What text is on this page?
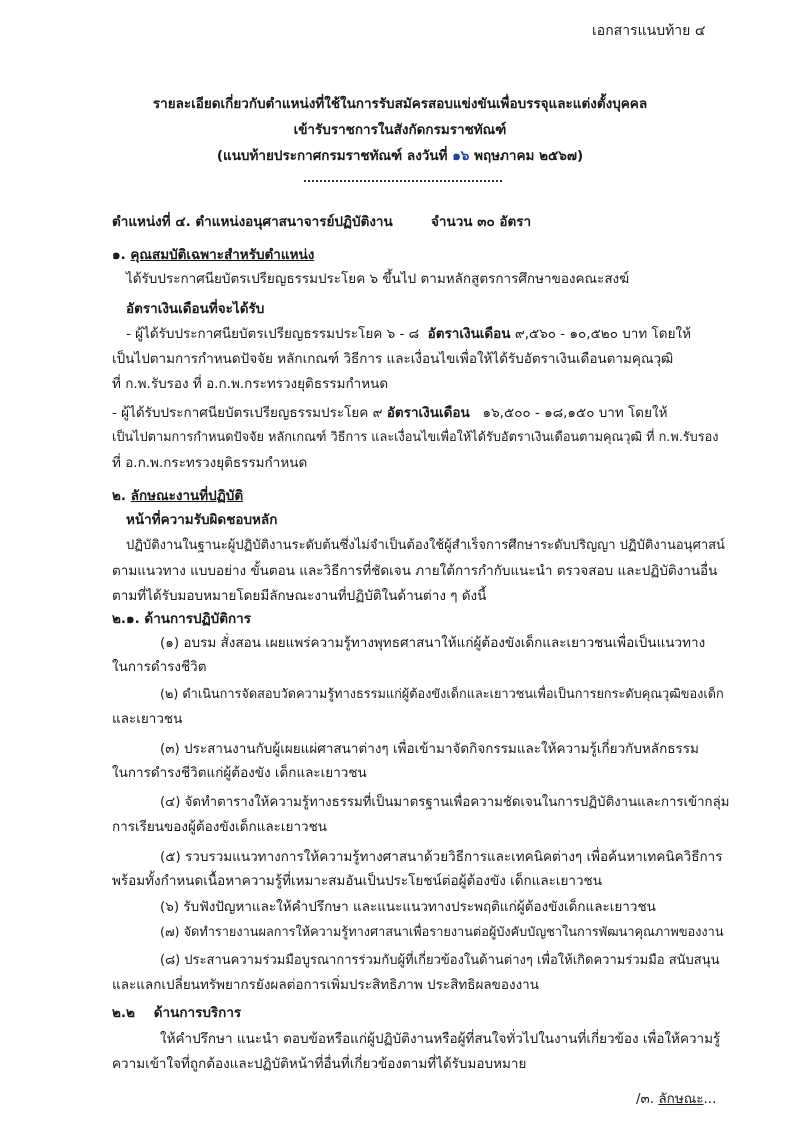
เอกสารแนบท้าย ๔
รายละเอียดเกี่ยวกับตำแหน่งที่ใช้ในการรับสมัครสอบแข่งขันเพื่อบรรจุและแต่งตั้งบุคคล
เข้ารับราชการในสังกัดกรมราชทัณฑ์
(แนบท้ายประกาศกรมราชทัณฑ์ ลงวันที่ ๑๖ พฤษภาคม ๒๕๖๗)
ตำแหน่งที่ ๔. ตำแหน่งอนุศาสนาจารย์ปฏิบัติงาน	จำนวน ๓๐ อัตรา
๑. คุณสมบัติเฉพาะสำหรับตำแหน่ง
ได้รับประกาศนียบัตรเปรียญธรรมประโยค ๖ ขึ้นไป ตามหลักสูตรการศึกษาของคณะสงฆ์
อัตราเงินเดือนที่จะได้รับ
- ผู้ได้รับประกาศนียบัตรเปรียญธรรมประโยค ๖ - ๘ อัตราเงินเดือน ๙,๕๖๐ - ๑๐,๕๒๐ บาท โดยให้
เป็นไปตามการกำหนดปัจจัย หลักเกณฑ์ วิธีการ และเงื่อนไขเพื่อให้ได้รับอัตราเงินเดือนตามคุณวุฒิ
ที่ ก.พ.รับรอง ที่ อ.ก.พ.กระทรวงยุติธรรมกำหนด
- ผู้ได้รับประกาศนียบัตรเปรียญธรรมประโยค ๙ อัตราเงินเดือน ๑๖,๕๐๐ - ๑๘,๑๕๐ บาท โดยให้
เป็นไปตามการกำหนดปัจจัย หลักเกณฑ์ วิธีการ และเงื่อนไขเพื่อให้ได้รับอัตราเงินเดือนตามคุณวุฒิ ที่ ก.พ.รับรอง
ที่ อ.ก.พ.กระทรวงยุติธรรมกำหนด
๒. ลักษณะงานที่ปฏิบัติ
หน้าที่ความรับผิดชอบหลัก
ปฏิบัติงานในฐานะผู้ปฏิบัติงานระดับต้นซึ่งไม่จำเป็นต้องใช้ผู้สำเร็จการศึกษาระดับปริญญา ปฏิบัติงานอนุศาสน์
ตามแนวทาง แบบอย่าง ขั้นตอน และวิธีการที่ชัดเจน ภายใต้การกำกับแนะนำ ตรวจสอบ และปฏิบัติงานอื่น
ตามที่ได้รับมอบหมายโดยมีลักษณะงานที่ปฏิบัติในด้านต่าง ๆ ดังนี้
๒.๑. ด้านการปฏิบัติการ
(๑) อบรม สั่งสอน เผยแพร่ความรู้ทางพุทธศาสนาให้แก่ผู้ต้องขังเด็กและเยาวชนเพื่อเป็นแนวทาง
ในการดำรงชีวิต
(๒) ดำเนินการจัดสอบวัดความรู้ทางธรรมแก่ผู้ต้องขังเด็กและเยาวชนเพื่อเป็นการยกระดับคุณวุฒิของเด็ก
และเยาวชน
(๓) ประสานงานกับผู้เผยแผ่ศาสนาต่างๆ เพื่อเข้ามาจัดกิจกรรมและให้ความรู้เกี่ยวกับหลักธรรม
ในการดำรงชีวิตแก่ผู้ต้องขัง เด็กและเยาวชน
(๔) จัดทำตารางให้ความรู้ทางธรรมที่เป็นมาตรฐานเพื่อความชัดเจนในการปฏิบัติงานและการเข้ากลุ่ม
การเรียนของผู้ต้องขังเด็กและเยาวชน
(๕) รวบรวมแนวทางการให้ความรู้ทางศาสนาด้วยวิธีการและเทคนิคต่างๆ เพื่อค้นหาเทคนิควิธีการ
พร้อมทั้งกำหนดเนื้อหาความรู้ที่เหมาะสมอันเป็นประโยชน์ต่อผู้ต้องขัง เด็กและเยาวชน
(๖) รับฟังปัญหาและให้คำปรึกษา และแนะแนวทางประพฤติแก่ผู้ต้องขังเด็กและเยาวชน
(๗) จัดทำรายงานผลการให้ความรู้ทางศาสนาเพื่อรายงานต่อผู้บังคับบัญชาในการพัฒนาคุณภาพของงาน
(๘) ประสานความร่วมมือบูรณาการร่วมกับผู้ที่เกี่ยวข้องในด้านต่างๆ เพื่อให้เกิดความร่วมมือ สนับสนุน
และแลกเปลี่ยนทรัพยากรยังผลต่อการเพิ่มประสิทธิภาพ ประสิทธิผลของงาน
๒.๒ ด้านการบริการ
ให้คำปรึกษา แนะนำ ตอบข้อหรือแก่ผู้ปฏิบัติงานหรือผู้ที่สนใจทั่วไปในงานที่เกี่ยวข้อง เพื่อให้ความรู้
ความเข้าใจที่ถูกต้องและปฏิบัติหน้าที่อื่นที่เกี่ยวข้องตามที่ได้รับมอบหมาย
/๓. ลักษณะ...
